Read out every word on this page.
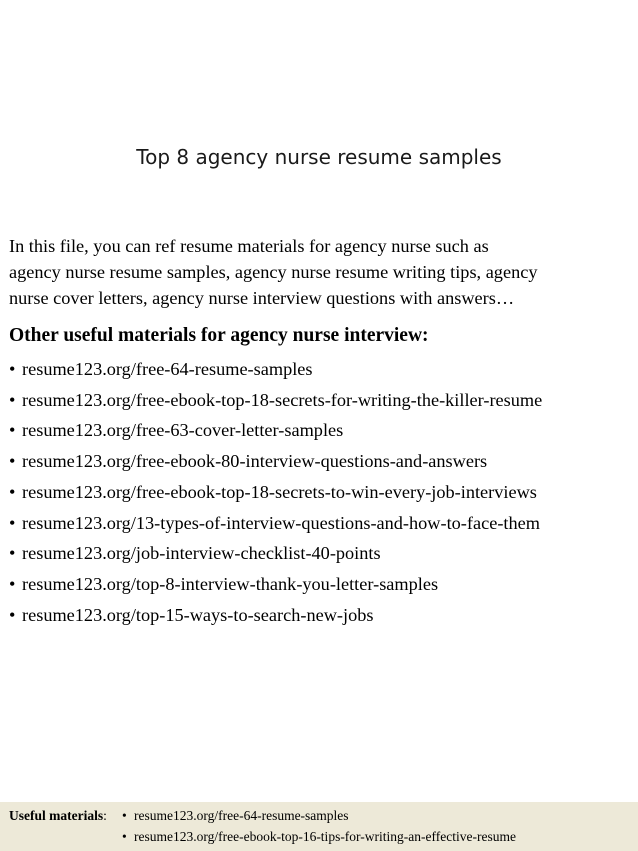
Top 8 agency nurse resume samples

In this file, you can ref resume materials for agency nurse such as
agency nurse resume samples, agency nurse resume writing tips, agency
nurse cover letters, agency nurse interview questions with answers…

Other useful materials for agency nurse interview:
• resume123.org/free-64-resume-samples
• resume123.org/free-ebook-top-18-secrets-for-writing-the-killer-resume
• resume123.org/free-63-cover-letter-samples
• resume123.org/free-ebook-80-interview-questions-and-answers
• resume123.org/free-ebook-top-18-secrets-to-win-every-job-interviews
• resume123.org/13-types-of-interview-questions-and-how-to-face-them
• resume123.org/job-interview-checklist-40-points
• resume123.org/top-8-interview-thank-you-letter-samples
• resume123.org/top-15-ways-to-search-new-jobs
Useful materials: • resume123.org/free-64-resume-samples
• resume123.org/free-ebook-top-16-tips-for-writing-an-effective-resume
